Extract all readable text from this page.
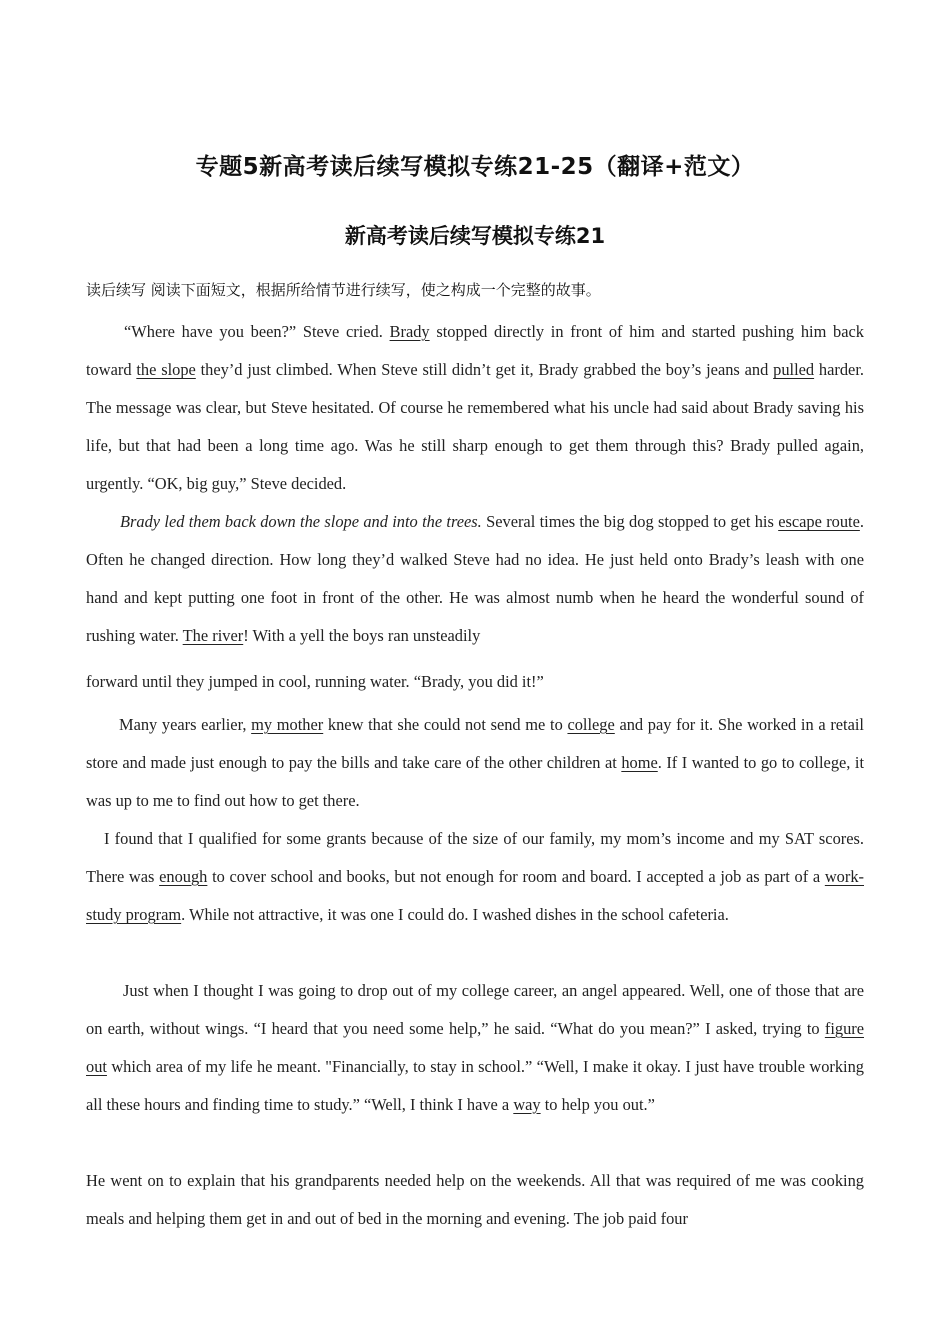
专题5新高考读后续写模拟专练21-25（翻译+范文）
新高考读后续写模拟专练21
读后续写 阅读下面短文，根据所给情节进行续写，使之构成一个完整的故事。

“Where have you been?” Steve cried. Brady stopped directly in front of him and started pushing him back toward the slope they’d just climbed. When Steve still didn’t get it, Brady grabbed the boy’s jeans and pulled harder. The message was clear, but Steve hesitated. Of course he remembered what his uncle had said about Brady saving his life, but that had been a long time ago. Was he still sharp enough to get them through this? Brady pulled again, urgently. “OK, big guy,” Steve decided.

Brady led them back down the slope and into the trees. Several times the big dog stopped to get his escape route. Often he changed direction. How long they’d walked Steve had no idea. He just held onto Brady’s leash with one hand and kept putting one foot in front of the other. He was almost numb when he heard the wonderful sound of rushing water. The river! With a yell the boys ran unsteadily

forward until they jumped in cool, running water. “Brady, you did it!”

Many years earlier, my mother knew that she could not send me to college and pay for it. She worked in a retail store and made just enough to pay the bills and take care of the other children at home. If I wanted to go to college, it was up to me to find out how to get there.

I found that I qualified for some grants because of the size of our family, my mom’s income and my SAT scores. There was enough to cover school and books, but not enough for room and board. I accepted a job as part of a work-study program. While not attractive, it was one I could do. I washed dishes in the school cafeteria.

Just when I thought I was going to drop out of my college career, an angel appeared. Well, one of those that are on earth, without wings. “I heard that you need some help,” he said. “What do you mean?” I asked, trying to figure out which area of my life he meant. "Financially, to stay in school.” “Well, I make it okay. I just have trouble working all these hours and finding time to study.” “Well, I think I have a way to help you out.”

He went on to explain that his grandparents needed help on the weekends. All that was required of me was cooking meals and helping them get in and out of bed in the morning and evening. The job paid four
